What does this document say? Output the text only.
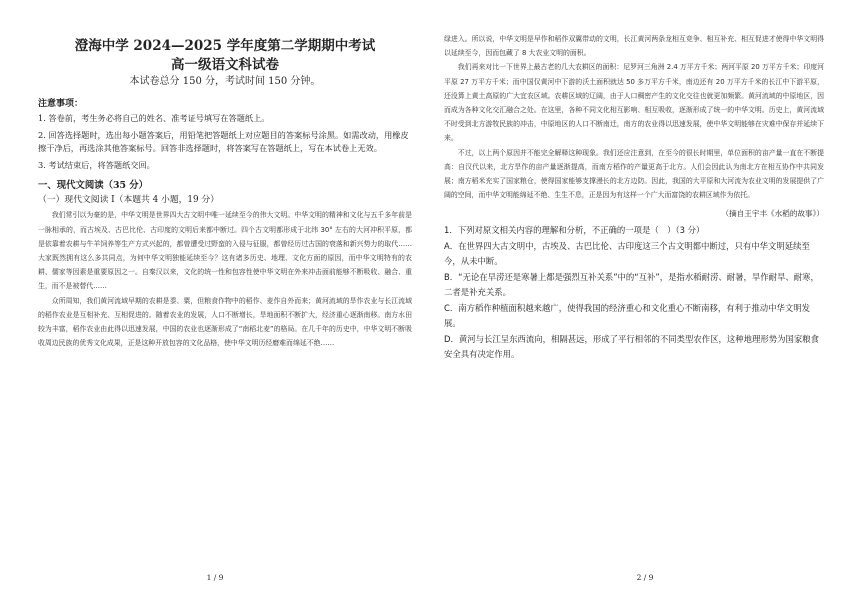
澄海中学 2024—2025 学年度第二学期期中考试
高一级语文科试卷
本试卷总分 150 分，考试时间 150 分钟。
注意事项：

1. 答卷前，考生务必将自己的姓名、准考证号填写在答题纸上。

2. 回答选择题时，选出每小题答案后，用铅笔把答题纸上对应题目的答案标号涂黑。如需改动，用橡皮擦干净后，再选涂其他答案标号。回答非选择题时，将答案写在答题纸上，写在本试卷上无效。

3. 考试结束后，将答题纸交回。

一、现代文阅读（35 分）
（一）现代文阅读 I（本题共 4 小题，19 分）

我们常引以为豪的是，中华文明是世界四大古文明中唯一延续至今的伟大文明。中华文明的精神和文化与五千多年前是一脉相承的，而古埃及、古巴比伦、古印度的文明后来都中断过。四个古文明都形成于北纬 30° 左右的大河冲积平原，都是依靠着农耕与牛羊饲养等生产方式兴起的，都曾遭受过野蛮的入侵与征服，都曾经历过古国的衰落和新兴势力的取代……大家既然拥有这么多共同点，为何中华文明独能延续至今？这有诸多历史、地理、文化方面的原因，而中华文明特有的农耕、儒家等因素是重要原因之一。自秦汉以来，文化的统一性和包容性使中华文明在外来冲击面前能够不断吸收、融合、重生，而不是被替代……

众所周知，我们黄河流域早期的农耕是黍、粟，但粮食作物中的稻作、麦作自外而来；黄河流域的旱作农业与长江流域的稻作农业是互相补充、互相促进的。随着农业的发展，人口不断增长，旱地面积不断扩大，经济重心逐渐南移。南方水田较为丰富，稻作农业由此得以迅速发展，中国的农业也逐渐形成了“南稻北麦”的格局。在几千年的历史中，中华文明不断吸收周边民族的优秀文化成果，正是这种开放包容的文化品格，使中华文明历经磨难而绵延不绝……

1 / 9

绿进入。所以说，中华文明是早作和稻作双翼带动的文明，长江黄河两条龙相互竞争、相互补充、相互促进才使得中华文明得以延续至今，因而包藏了 8 大农业文明的面积。

我们再来对比一下世界上最古老的几大农耕区的面积：尼罗河三角洲 2.4 万平方千米；两河平原 20 万平方千米；印度河平原 27 万平方千米；而中国仅黄河中下游的沃土面积就达 50 多万平方千米，南边还有 20 万平方千米的长江中下游平原，还没算上黄土高原的广大宜农区域。农耕区域的辽阔，由于人口稠密产生的文化交往也就更加频繁。黄河流域的中原地区，因而成为各种文化交汇融合之处。在这里，各种不同文化相互影响、相互吸收，逐渐形成了统一的中华文明。历史上，黄河流域不时受到北方游牧民族的冲击，中原地区的人口不断南迁，南方的农业得以迅速发展，使中华文明能够在灾难中保存并延续下来。

不过，以上两个原因并不能完全解释这种现象。我们还应注意到，在至今的很长时期里，单位面积的亩产量一直在不断提高：自汉代以来，北方旱作的亩产量逐渐提高，而南方稻作的产量更高于北方。人们会因此认为南北方在相互协作中共同发展；南方稻米充实了国家粮仓，使得国家能够支撑漫长的北方边防。因此，我国的大平原和大河流为农业文明的发展提供了广阔的空间，而中华文明能绵延不绝、生生不息，正是因为有这样一个广大而富饶的农耕区域作为依托。

（摘自王宇丰《水稻的故事》）

1．下列对原文相关内容的理解和分析，不正确的一项是（　）（3 分）

A．在世界四大古文明中，古埃及、古巴比伦、古印度这三个古文明都中断过，只有中华文明延续至今，从未中断。

B．“无论在早涝还是寒暑上都是强烈互补关系”中的“互补”，是指水稻耐涝、耐暑，旱作耐旱、耐寒，二者是补充关系。

C．南方稻作种植面积越来越广，使得我国的经济重心和文化重心不断南移，有利于推动中华文明发展。

D．黄河与长江呈东西流向，相隔甚远，形成了平行相邻的不同类型农作区，这种地理形势为国家粮食安全具有决定作用。

2 / 9
